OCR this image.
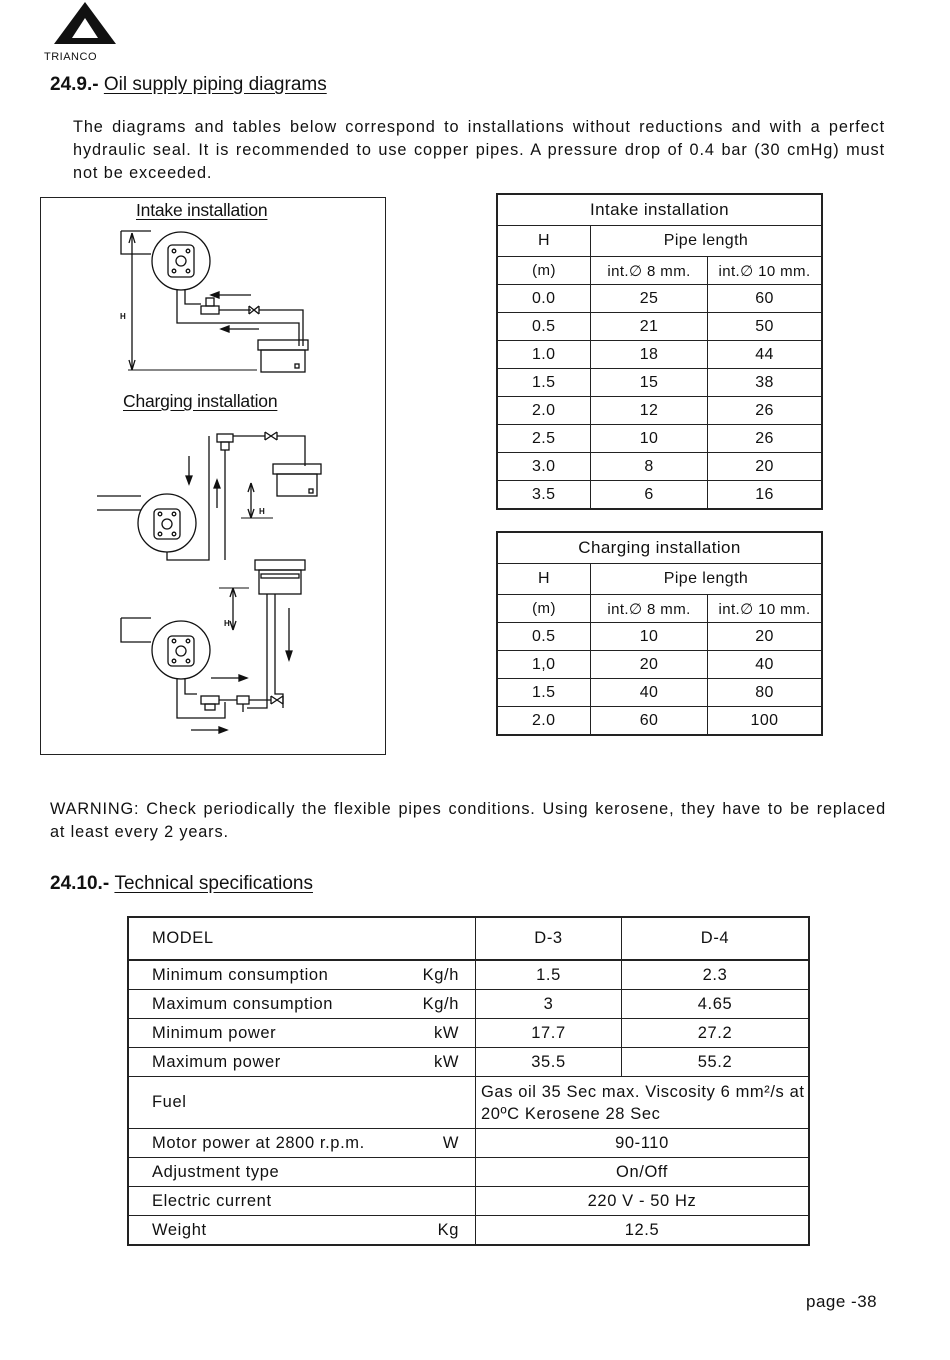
TRIANCO
24.9.- Oil supply piping diagrams
The diagrams and tables below correspond to installations without reductions and with a perfect hydraulic seal. It is recommended to use copper pipes. A pressure drop of 0.4 bar (30 cmHg) must not be exceeded.
Intake installation
Charging installation
H
H
H
Intake installation		
H	Pipe length	
(m)	int.∅ 8 mm.	int.∅ 10 mm.
0.0	25	60
0.5	21	50
1.0	18	44
1.5	15	38
2.0	12	26
2.5	10	26
3.0	8	20
3.5	6	16
Charging installation		
H	Pipe length	
(m)	int.∅ 8 mm.	int.∅ 10 mm.
0.5	10	20
1,0	20	40
1.5	40	80
2.0	60	100
WARNING: Check periodically the flexible pipes conditions. Using kerosene, they have to be replaced at least every 2 years.
24.10.- Technical specifications
MODEL		D-3	D-4
Minimum consumption	Kg/h	1.5	2.3
Maximum consumption	Kg/h	3	4.65
Minimum power	kW	17.7	27.2
Maximum power	kW	35.5	55.2
Fuel		Gas oil 35 Sec max. Viscosity 6 mm²/s at
20ºC Kerosene 28 Sec	

Motor power at 2800 r.p.m.	W	90-110	
Adjustment type		On/Off	
Electric current		220 V - 50 Hz	
Weight	Kg	12.5	
page -38
